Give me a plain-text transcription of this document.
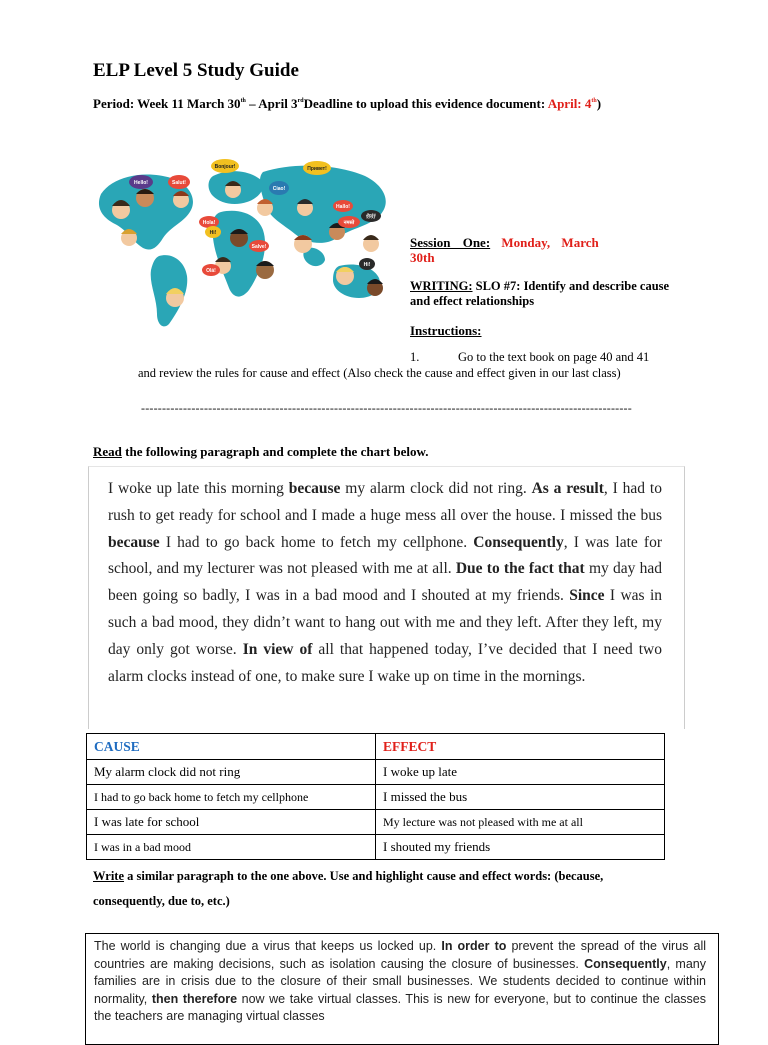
ELP Level 5 Study Guide
Period: Week 11 March 30th – April 3rdDeadline to upload this evidence document: April: 4th)
Hello!	Salut!
Bonjour!
Hola!
Ciao!
Привет!
Hi!
Salve!
Olá!
Hi!
Hallo!
नमस्ते
你好
Session One: Monday, March 30th
WRITING: SLO #7: Identify and describe cause and effect relationships
Instructions:
1.	Go to the text book on page 40 and 41
and review the rules for cause and effect (Also check the cause and effect given in our last class)
---------------------------------------------------------------------------------------------------------------------
Read the following paragraph and complete the chart below.
I woke up late this morning because my alarm clock did not ring. As a result, I had to rush to get ready for school and I made a huge mess all over the house. I missed the bus because I had to go back home to fetch my cellphone. Consequently, I was late for school, and my lecturer was not pleased with me at all. Due to the fact that my day had been going so badly, I was in a bad mood and I shouted at my friends. Since I was in such a bad mood, they didn’t want to hang out with me and they left. After they left, my day only got worse. In view of all that happened today, I’ve decided that I need two alarm clocks instead of one, to make sure I wake up on time in the mornings.
CAUSE	EFFECT
My alarm clock did not ring	I woke up late
I had to go back home to fetch my cellphone	I missed the bus
I was late for school	My lecture was not pleased with me at all
I was in a bad mood	I shouted my friends
Write a similar paragraph to the one above. Use and highlight cause and effect words: (because, consequently, due to, etc.)
The world is changing due a virus that keeps us locked up. In order to prevent the spread of the virus all countries are making decisions, such as isolation causing the closure of businesses. Consequently, many families are in crisis due to the closure of their small businesses. We students decided to continue within normality, then therefore now we take virtual classes. This is new for everyone, but to continue the classes the teachers are managing virtual classes
